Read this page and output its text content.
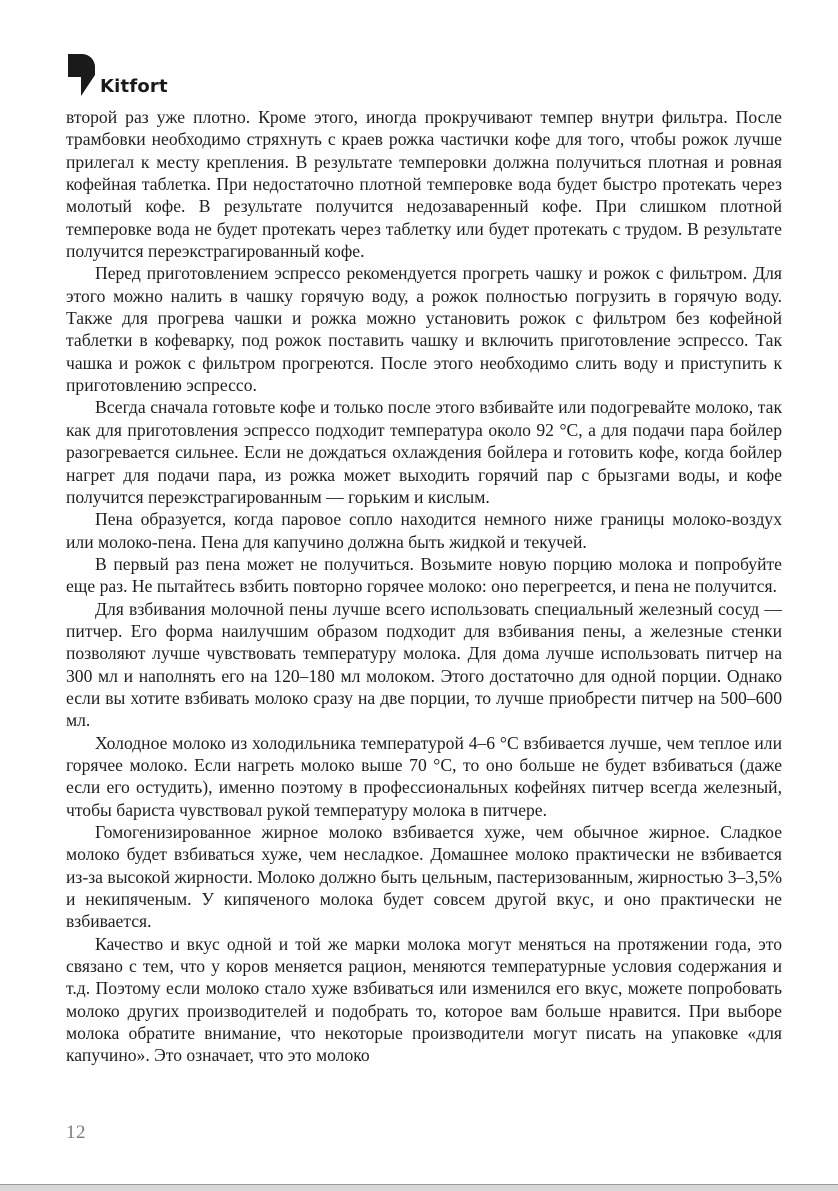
Kitfort

второй раз уже плотно. Кроме этого, иногда прокручивают темпер внутри фильтра. После трамбовки необходимо стряхнуть с краев рожка частички кофе для того, чтобы рожок лучше прилегал к месту крепления. В результате темперовки должна получиться плотная и ровная кофейная таблетка. При недостаточно плотной темперовке вода будет быстро протекать через молотый кофе. В результате получится недозаваренный кофе. При слишком плотной темперовке вода не будет протекать через таблетку или будет протекать с трудом. В результате получится переэкстрагированный кофе.

Перед приготовлением эспрессо рекомендуется прогреть чашку и рожок с фильтром. Для этого можно налить в чашку горячую воду, а рожок полностью погрузить в горячую воду. Также для прогрева чашки и рожка можно установить рожок с фильтром без кофейной таблетки в кофеварку, под рожок поставить чашку и включить приготовление эспрессо. Так чашка и рожок с фильтром прогреются. После этого необходимо слить воду и приступить к приготовлению эспрессо.

Всегда сначала готовьте кофе и только после этого взбивайте или подогревайте молоко, так как для приготовления эспрессо подходит температура около 92 °C, а для подачи пара бойлер разогревается сильнее. Если не дождаться охлаждения бойлера и готовить кофе, когда бойлер нагрет для подачи пара, из рожка может выходить горячий пар с брызгами воды, и кофе получится переэкстрагированным — горьким и кислым.

Пена образуется, когда паровое сопло находится немного ниже границы молоко-воздух или молоко-пена. Пена для капучино должна быть жидкой и текучей.

В первый раз пена может не получиться. Возьмите новую порцию молока и попробуйте еще раз. Не пытайтесь взбить повторно горячее молоко: оно перегреется, и пена не получится.

Для взбивания молочной пены лучше всего использовать специальный железный сосуд — питчер. Его форма наилучшим образом подходит для взбивания пены, а железные стенки позволяют лучше чувствовать температуру молока. Для дома лучше использовать питчер на 300 мл и наполнять его на 120–180 мл молоком. Этого достаточно для одной порции. Однако если вы хотите взбивать молоко сразу на две порции, то лучше приобрести питчер на 500–600 мл.

Холодное молоко из холодильника температурой 4–6 °C взбивается лучше, чем теплое или горячее молоко. Если нагреть молоко выше 70 °C, то оно больше не будет взбиваться (даже если его остудить), именно поэтому в профессиональных кофейнях питчер всегда железный, чтобы бариста чувствовал рукой температуру молока в питчере.

Гомогенизированное жирное молоко взбивается хуже, чем обычное жирное. Сладкое молоко будет взбиваться хуже, чем несладкое. Домашнее молоко практически не взбивается из-за высокой жирности. Молоко должно быть цельным, пастеризованным, жирностью 3–3,5% и некипяченым. У кипяченого молока будет совсем другой вкус, и оно практически не взбивается.

Качество и вкус одной и той же марки молока могут меняться на протяжении года, это связано с тем, что у коров меняется рацион, меняются температурные условия содержания и т.д. Поэтому если молоко стало хуже взбиваться или изменился его вкус, можете попробовать молоко других производителей и подобрать то, которое вам больше нравится. При выборе молока обратите внимание, что некоторые производители могут писать на упаковке «для капучино». Это означает, что это молоко

12
